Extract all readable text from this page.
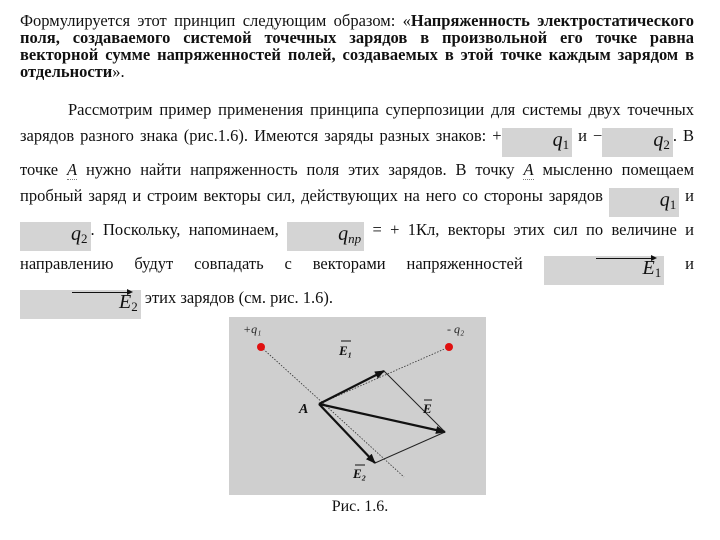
Формулируется этот принцип следующим образом: «Напряженность электростатического поля, создаваемого системой точечных зарядов в произвольной его точке равна векторной сумме напряженностей полей, создаваемых в этой точке каждым зарядом в отдельности».

Рассмотрим пример применения принципа суперпозиции для системы двух точечных зарядов разного знака (рис.1.6). Имеются заряды разных знаков: +	$q_1$ и −	$q_2$ . В точке А нужно найти напряженность поля этих зарядов. В точку А мысленно помещаем пробный заряд и строим векторы сил, действующих на него со стороны зарядов	$q_1$ и $q_2$ . Поскольку, напоминаем,	$q_{пр}$ = + 1Кл, векторы этих сил по величине и направлению будут совпадать с векторами напряженностей	$E_1$ и $E_2$ этих зарядов (см. рис. 1.6).

+q₁	- q₂
A
E₁
E
E₂
Рис. 1.6.
